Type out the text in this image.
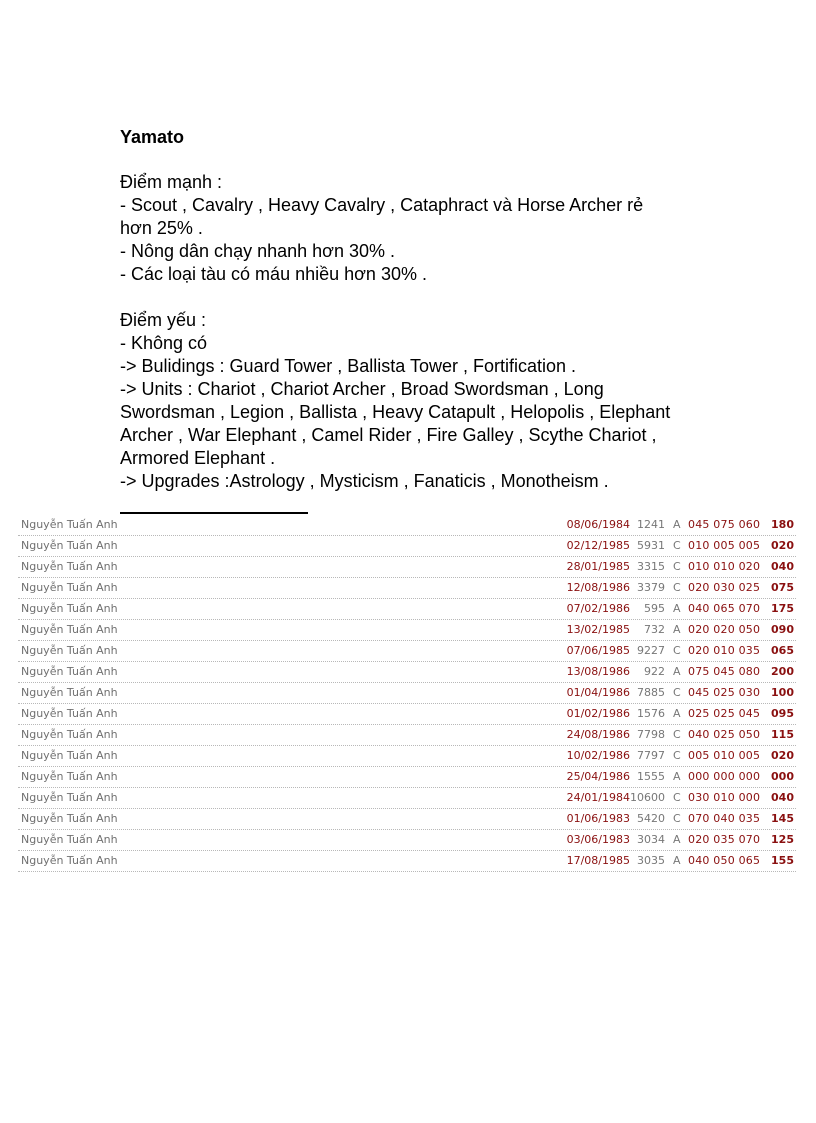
Yamato
Điểm mạnh :
- Scout , Cavalry , Heavy Cavalry , Cataphract và Horse Archer rẻ
hơn 25% .
- Nông dân chạy nhanh hơn 30% .
- Các loại tàu có máu nhiều hơn 30% .
Điểm yếu :
- Không có
-> Bulidings : Guard Tower , Ballista Tower , Fortification .
-> Units : Chariot , Chariot Archer , Broad Swordsman , Long
Swordsman , Legion , Ballista , Heavy Catapult , Helopolis , Elephant
Archer , War Elephant , Camel Rider , Fire Galley , Scythe Chariot ,
Armored Elephant .
-> Upgrades :Astrology , Mysticism , Fanaticis , Monotheism .
Nguyễn Tuấn Anh	08/06/1984 1241 A 045 075 060 180
Nguyễn Tuấn Anh	02/12/1985 5931 C 010 005 005 020
Nguyễn Tuấn Anh	28/01/1985 3315 C 010 010 020 040
Nguyễn Tuấn Anh	12/08/1986 3379 C 020 030 025 075
Nguyễn Tuấn Anh	07/02/1986 595 A 040 065 070 175
Nguyễn Tuấn Anh	13/02/1985 732 A 020 020 050 090
Nguyễn Tuấn Anh	07/06/1985 9227 C 020 010 035 065
Nguyễn Tuấn Anh	13/08/1986 922 A 075 045 080 200
Nguyễn Tuấn Anh	01/04/1986 7885 C 045 025 030 100
Nguyễn Tuấn Anh	01/02/1986 1576 A 025 025 045 095
Nguyễn Tuấn Anh	24/08/1986 7798 C 040 025 050 115
Nguyễn Tuấn Anh	10/02/1986 7797 C 005 010 005 020
Nguyễn Tuấn Anh	25/04/1986 1555 A 000 000 000 000
Nguyễn Tuấn Anh	24/01/1984 10600 C 030 010 000 040
Nguyễn Tuấn Anh	01/06/1983 5420 C 070 040 035 145
Nguyễn Tuấn Anh	03/06/1983 3034 A 020 035 070 125
Nguyễn Tuấn Anh	17/08/1985 3035 A 040 050 065 155
